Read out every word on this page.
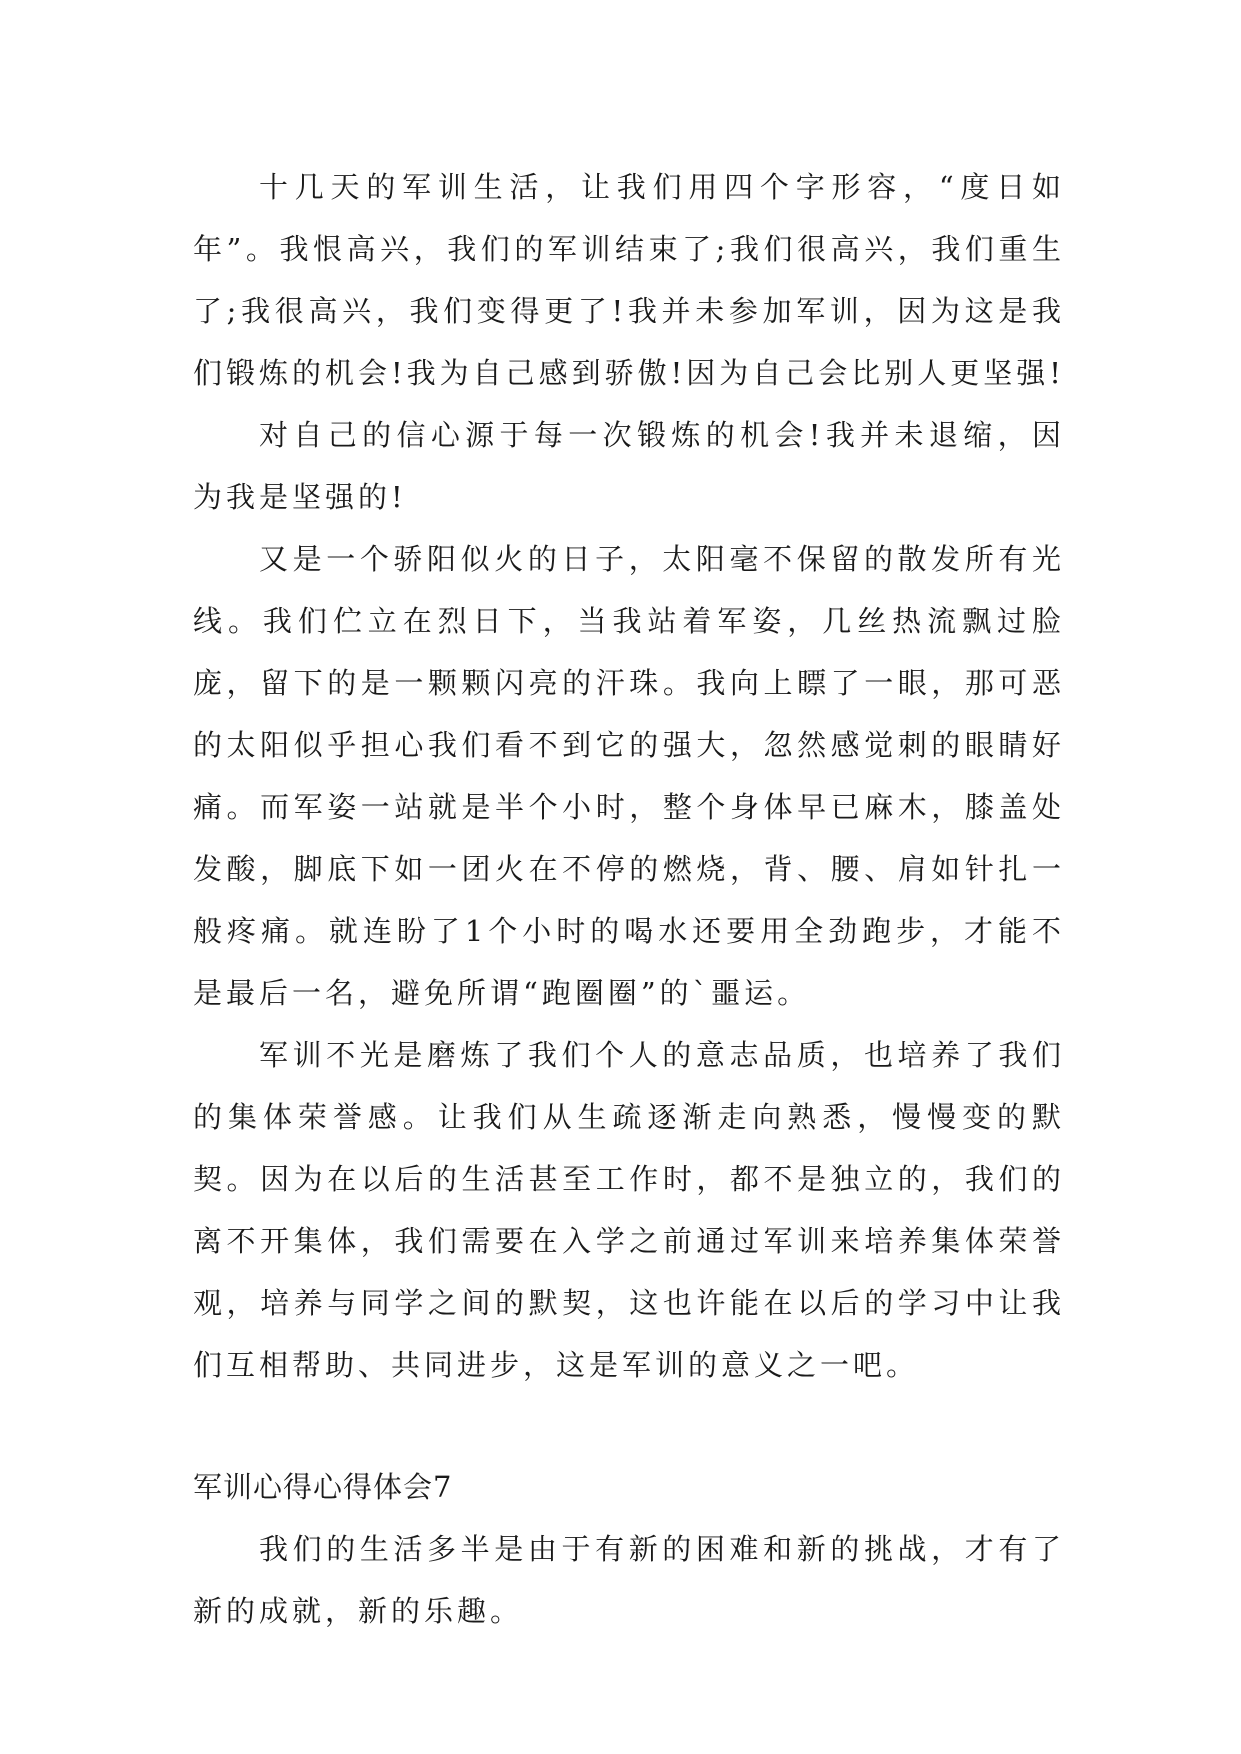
十几天的军训生活，让我们用四个字形容，“度日如年”。我恨高兴，我们的军训结束了;我们很高兴，我们重生了;我很高兴，我们变得更了!我并未参加军训，因为这是我们锻炼的机会!我为自己感到骄傲!因为自己会比别人更坚强!

对自己的信心源于每一次锻炼的机会!我并未退缩，因为我是坚强的!

又是一个骄阳似火的日子，太阳毫不保留的散发所有光线。我们伫立在烈日下，当我站着军姿，几丝热流飘过脸庞，留下的是一颗颗闪亮的汗珠。我向上瞟了一眼，那可恶的太阳似乎担心我们看不到它的强大，忽然感觉刺的眼睛好痛。而军姿一站就是半个小时，整个身体早已麻木，膝盖处发酸，脚底下如一团火在不停的燃烧，背、腰、肩如针扎一般疼痛。就连盼了1个小时的喝水还要用全劲跑步，才能不是最后一名，避免所谓“跑圈圈”的`噩运。

军训不光是磨炼了我们个人的意志品质，也培养了我们的集体荣誉感。让我们从生疏逐渐走向熟悉，慢慢变的默契。因为在以后的生活甚至工作时，都不是独立的，我们的离不开集体，我们需要在入学之前通过军训来培养集体荣誉观，培养与同学之间的默契，这也许能在以后的学习中让我们互相帮助、共同进步，这是军训的意义之一吧。

军训心得心得体会7

我们的生活多半是由于有新的困难和新的挑战，才有了新的成就，新的乐趣。
